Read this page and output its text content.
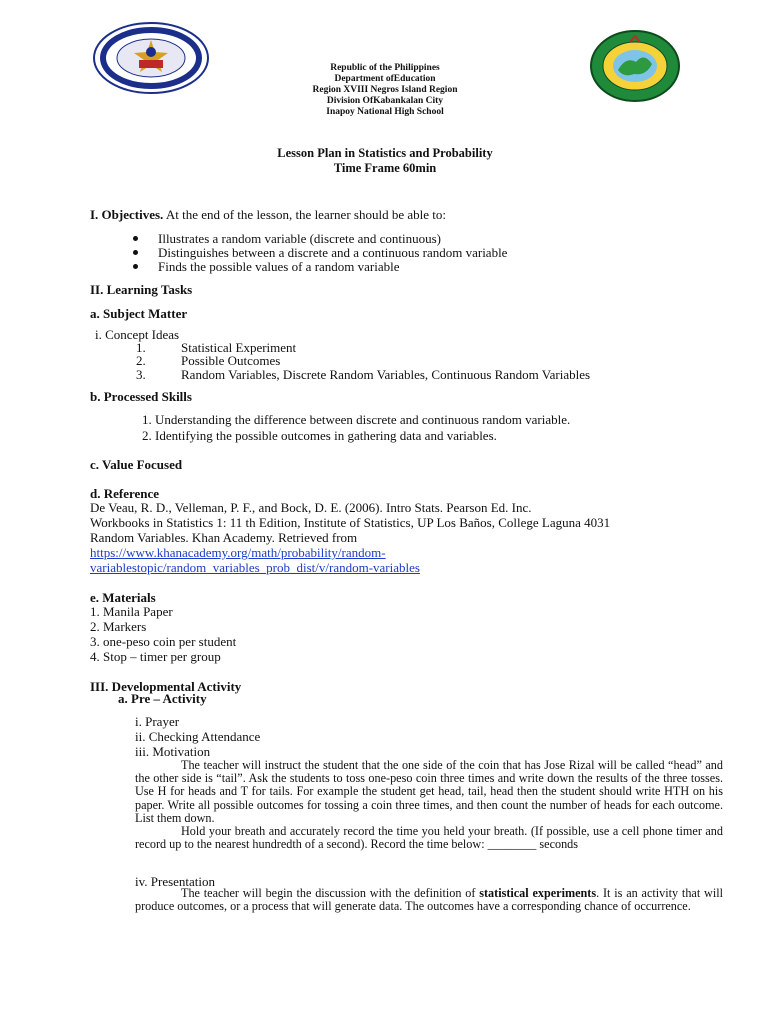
Republic of the Philippines
Department ofEducation
Region XVIII Negros Island Region
Division OfKabankalan City
Inapoy National High School
Lesson Plan in Statistics and Probability
Time Frame 60min
I. Objectives. At the end of the lesson, the learner should be able to:
Illustrates a random variable (discrete and continuous)
Distinguishes between a discrete and a continuous random variable
Finds the possible values of a random variable
II. Learning Tasks
a. Subject Matter
i. Concept Ideas
1.	Statistical Experiment
2.	Possible Outcomes
3.	Random Variables, Discrete Random Variables, Continuous Random Variables
b. Processed Skills
1. Understanding the difference between discrete and continuous random variable.
2. Identifying the possible outcomes in gathering data and variables.
c. Value Focused
d. Reference
De Veau, R. D., Velleman, P. F., and Bock, D. E. (2006). Intro Stats. Pearson Ed. Inc.
Workbooks in Statistics 1: 11 th Edition, Institute of Statistics, UP Los Baños, College Laguna 4031
Random Variables. Khan Academy. Retrieved from
https://www.khanacademy.org/math/probability/random-
variablestopic/random_variables_prob_dist/v/random-variables
e. Materials
1. Manila Paper
2. Markers
3. one-peso coin per student
4. Stop – timer per group
III. Developmental Activity
a. Pre – Activity
i. Prayer
ii. Checking Attendance
iii. Motivation

The teacher will instruct the student that the one side of the coin that has Jose Rizal will be called “head” and the other side is “tail”. Ask the students to toss one-peso coin three times and write down the results of the three tosses. Use H for heads and T for tails. For example the student get head, tail, head then the student should write HTH on his paper. Write all possible outcomes for tossing a coin three times, and then count the number of heads for each outcome. List them down.

Hold your breath and accurately record the time you held your breath. (If possible, use a cell phone timer and record up to the nearest hundredth of a second). Record the time below: ________ seconds

iv. Presentation

The teacher will begin the discussion with the definition of statistical experiments. It is an activity that will produce outcomes, or a process that will generate data. The outcomes have a corresponding chance of occurrence.
